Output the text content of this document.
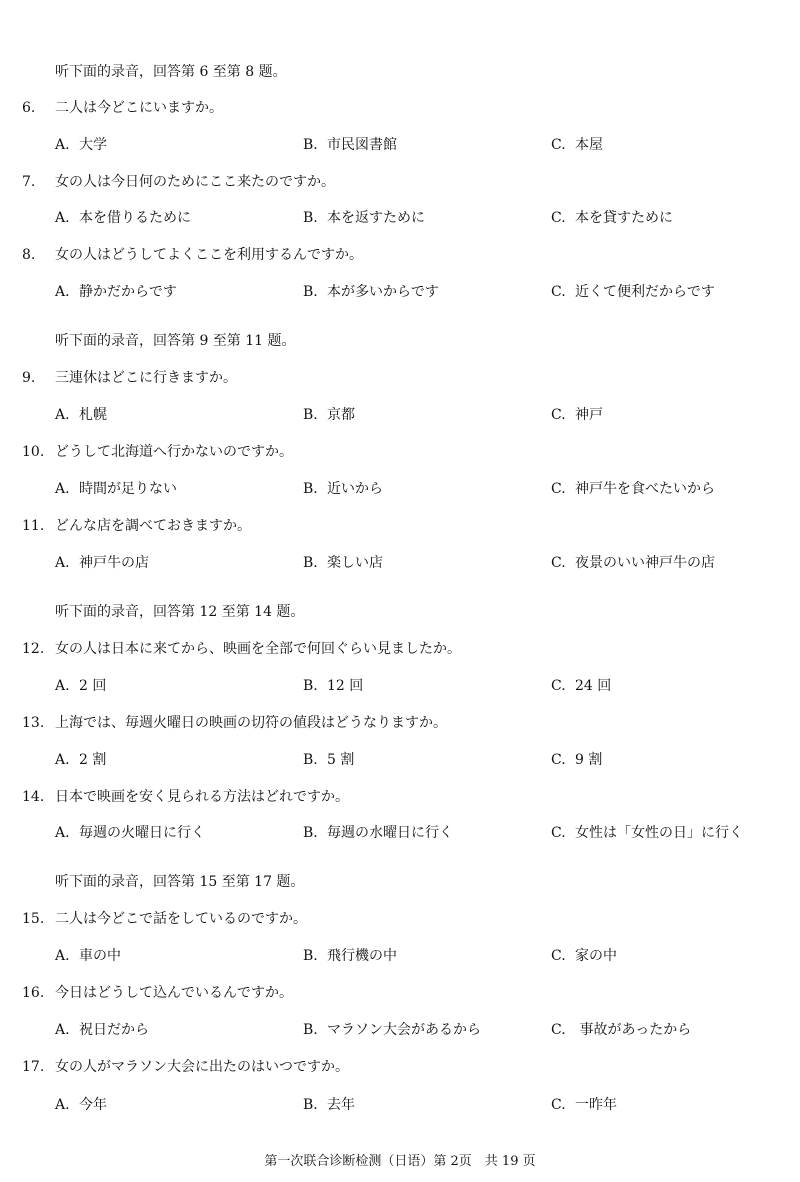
听下面的录音，回答第 6 至第 8 题。
6. 二人は今どこにいますか。
A. 大学	B. 市民図書館	C. 本屋
7. 女の人は今日何のためにここ来たのですか。
A. 本を借りるために	B. 本を返すために	C. 本を貸すために
8. 女の人はどうしてよくここを利用するんですか。
A. 静かだからです	B. 本が多いからです	C. 近くて便利だからです
听下面的录音，回答第 9 至第 11 题。
9. 三連休はどこに行きますか。
A. 札幌	B. 京都	C. 神戸
10. どうして北海道へ行かないのですか。
A. 時間が足りない	B. 近いから	C. 神戸牛を食べたいから
11. どんな店を調べておきますか。
A. 神戸牛の店	B. 楽しい店	C. 夜景のいい神戸牛の店
听下面的录音，回答第 12 至第 14 题。
12. 女の人は日本に来てから、映画を全部で何回ぐらい見ましたか。
A. 2 回	B. 12 回	C. 24 回
13. 上海では、毎週火曜日の映画の切符の値段はどうなりますか。
A. 2 割	B. 5 割	C. 9 割
14. 日本で映画を安く見られる方法はどれですか。
A. 毎週の火曜日に行く	B. 毎週の水曜日に行く	C. 女性は「女性の日」に行く
听下面的录音，回答第 15 至第 17 题。
15. 二人は今どこで話をしているのですか。
A. 車の中	B. 飛行機の中	C. 家の中
16. 今日はどうして込んでいるんですか。
A. 祝日だから	B. マラソン大会があるから	C. 事故があったから
17. 女の人がマラソン大会に出たのはいつですか。
A. 今年	B. 去年	C. 一昨年
第一次联合诊断检测（日语）第 2页　共 19 页
